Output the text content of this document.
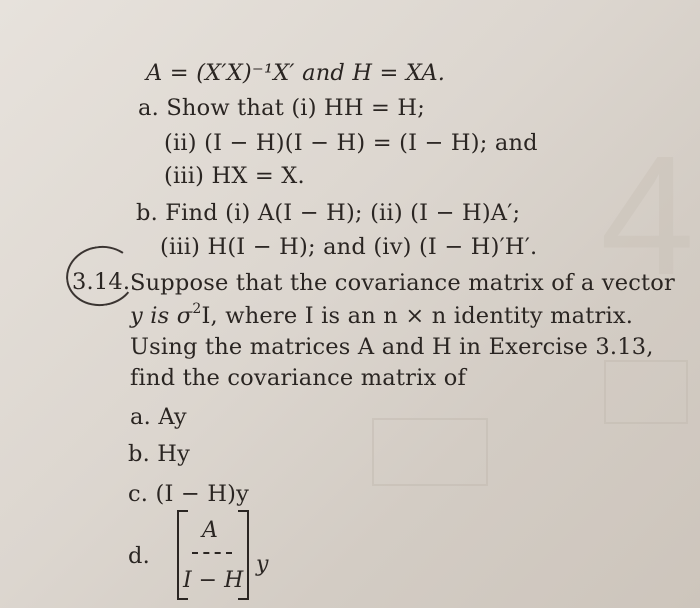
4
A = (X′X)⁻¹X′ and H = XA.
a. Show that (i) HH = H;
(ii) (I − H)(I − H) = (I − H); and
(iii) HX = X.
b. Find (i) A(I − H); (ii) (I − H)A′;
(iii) H(I − H); and (iv) (I − H)′H′.
3.14. Suppose that the covariance matrix of a vector
y is $\sigma^2I$, where I is an n × n identity matrix.
Using the matrices A and H in Exercise 3.13,
find the covariance matrix of
a. Ay
b. Hy
c. (I − H)y
d.
A
I − H
y
